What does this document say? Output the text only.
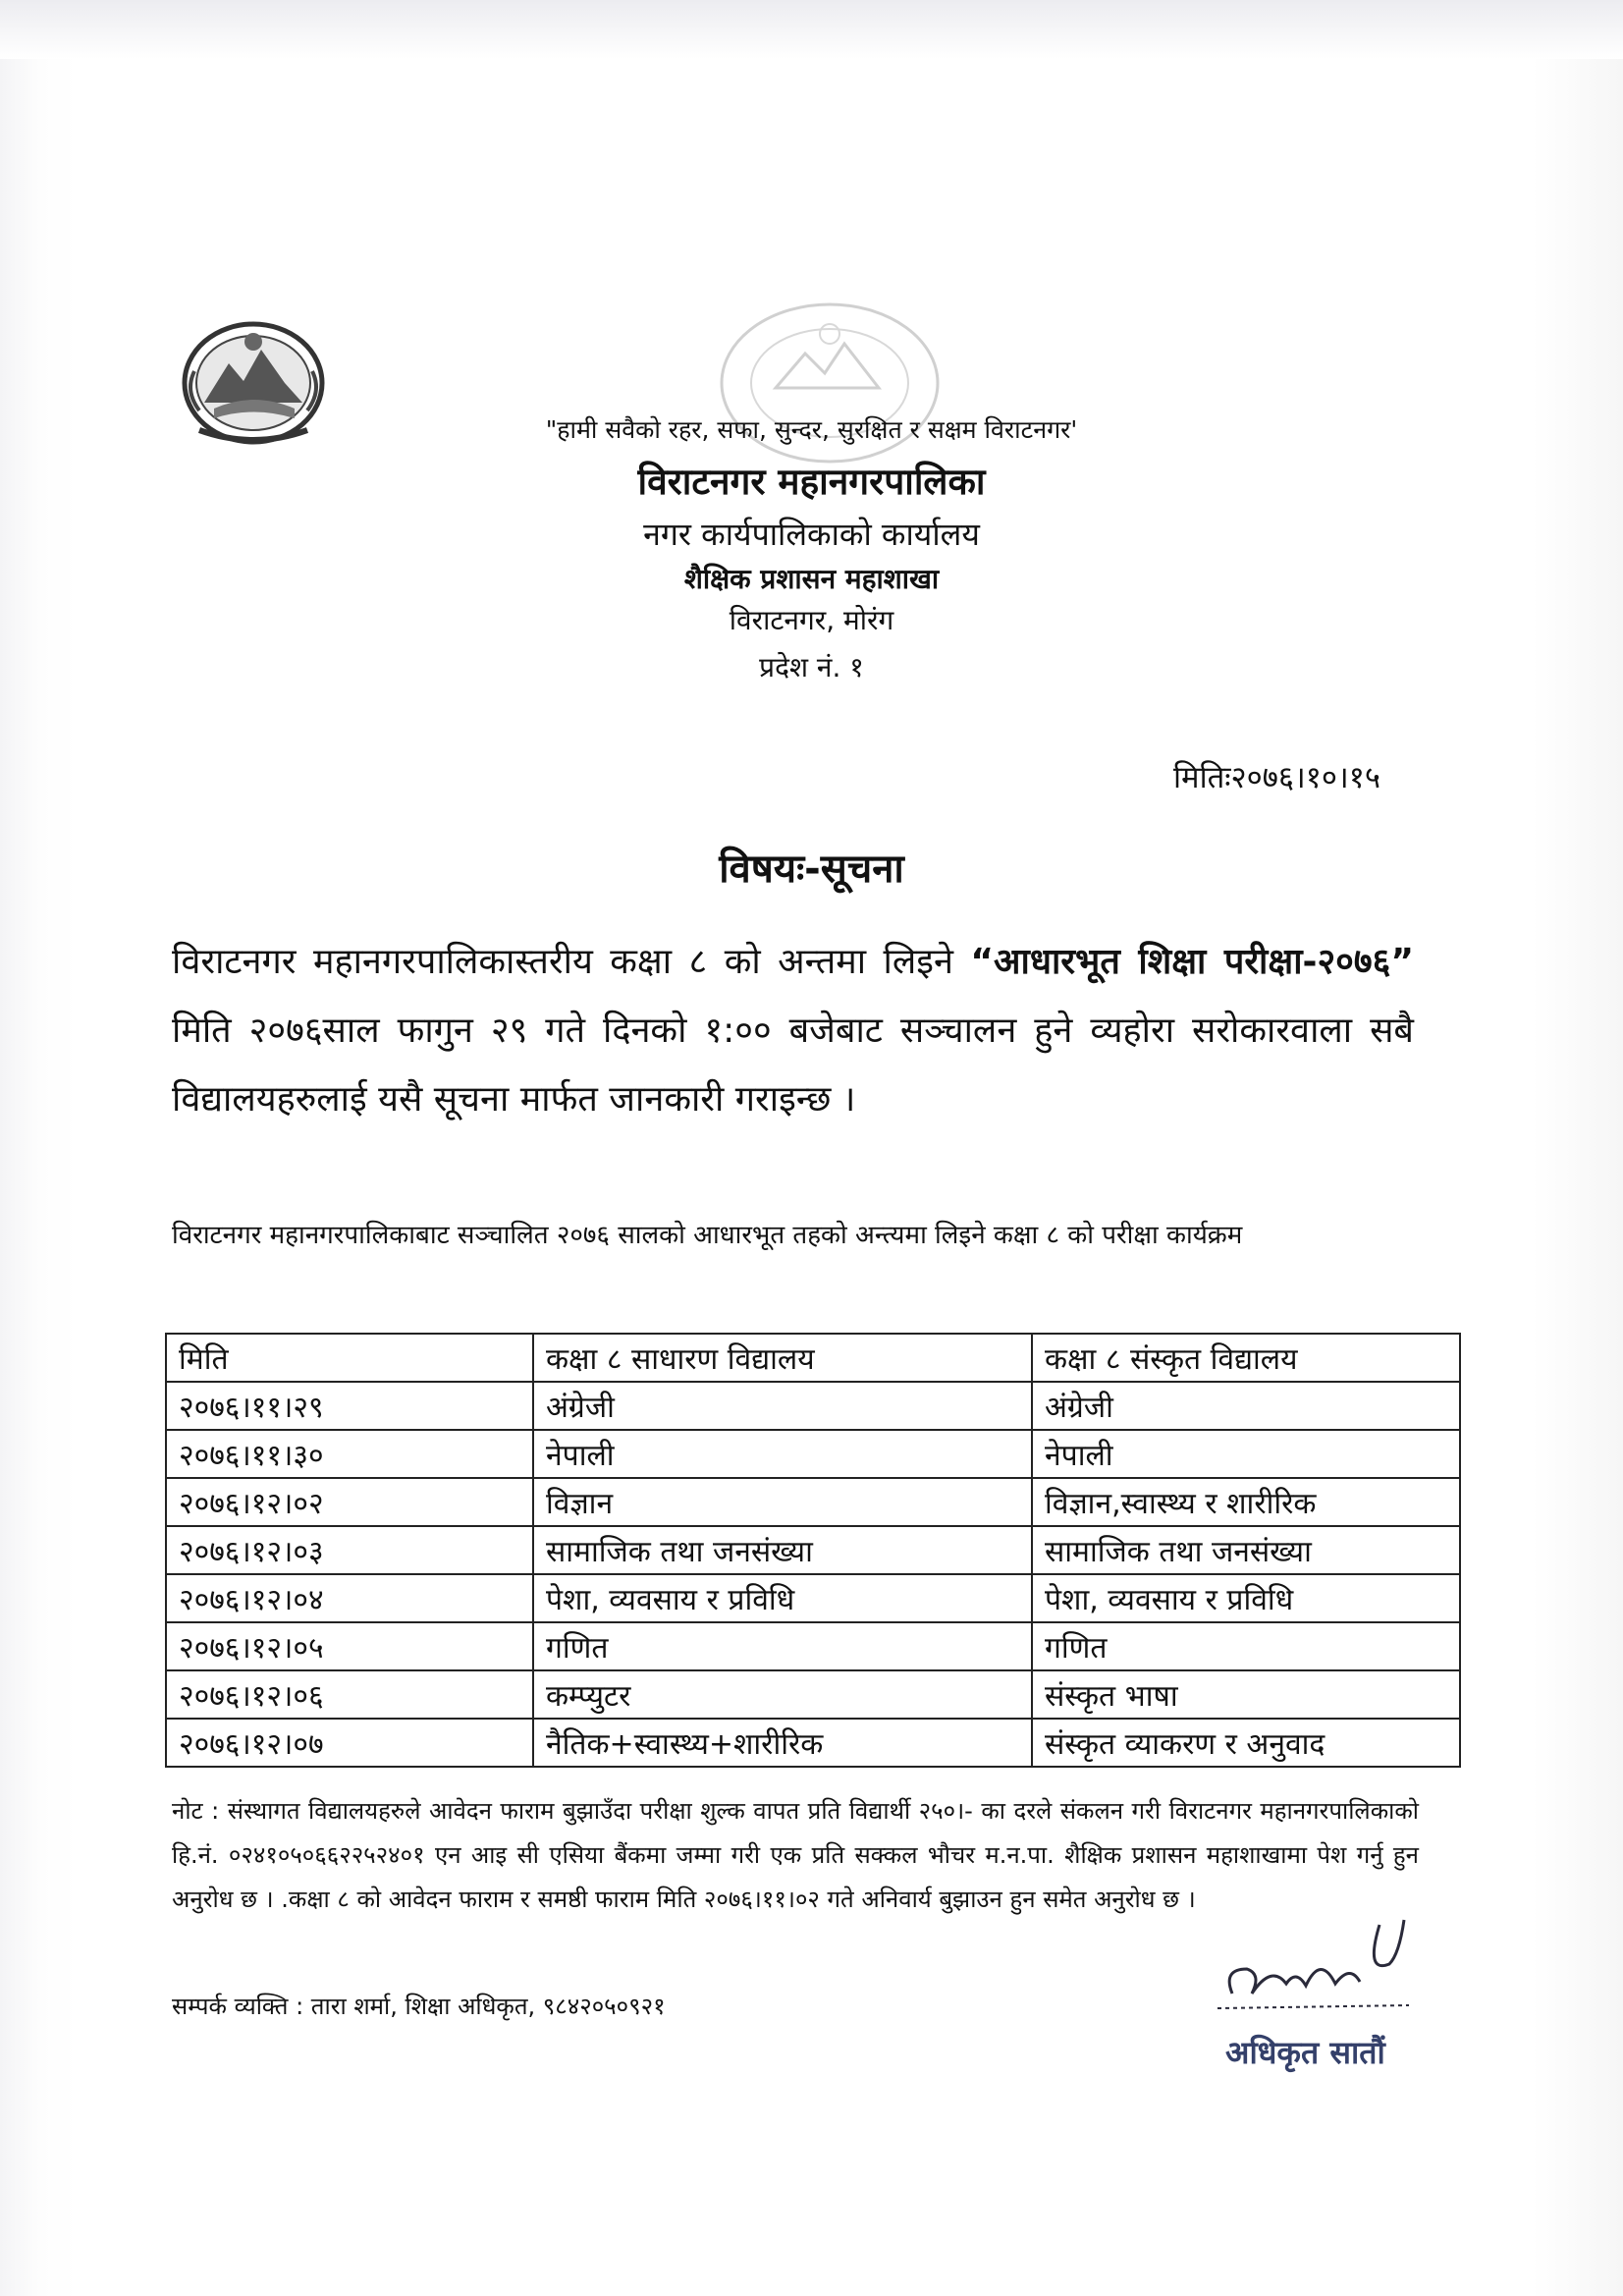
"हामी सवैको रहर, सफा, सुन्दर, सुरक्षित र सक्षम विराटनगर'
विराटनगर महानगरपालिका
नगर कार्यपालिकाको कार्यालय
शैक्षिक प्रशासन महाशाखा
विराटनगर, मोरंग
प्रदेश नं. १
मितिः२०७६।१०।१५
विषयः-सूचना
विराटनगर महानगरपालिकास्तरीय कक्षा ८ को अन्तमा लिइने “आधारभूत शिक्षा परीक्षा-२०७६” मिति २०७६साल फागुन २९ गते दिनको १:०० बजेबाट सञ्चालन हुने व्यहोरा सरोकारवाला सबै विद्यालयहरुलाई यसै सूचना मार्फत जानकारी गराइन्छ ।
विराटनगर महानगरपालिकाबाट सञ्चालित २०७६ सालको आधारभूत तहको अन्त्यमा लिइने कक्षा ८ को परीक्षा कार्यक्रम
मिति	कक्षा ८ साधारण विद्यालय	कक्षा ८ संस्कृत विद्यालय
२०७६।११।२९	अंग्रेजी	अंग्रेजी
२०७६।११।३०	नेपाली	नेपाली
२०७६।१२।०२	विज्ञान	विज्ञान,स्वास्थ्य र शारीरिक
२०७६।१२।०३	सामाजिक तथा जनसंख्या	सामाजिक तथा जनसंख्या
२०७६।१२।०४	पेशा, व्यवसाय र प्रविधि	पेशा, व्यवसाय र प्रविधि
२०७६।१२।०५	गणित	गणित
२०७६।१२।०६	कम्प्युटर	संस्कृत भाषा
२०७६।१२।०७	नैतिक+स्वास्थ्य+शारीरिक	संस्कृत व्याकरण र अनुवाद
नोट : संस्थागत विद्यालयहरुले आवेदन फाराम बुझाउँदा परीक्षा शुल्क वापत प्रति विद्यार्थी २५०।- का दरले संकलन गरी विराटनगर महानगरपालिकाको हि.नं. ०२४१०५०६६२२५२४०१ एन आइ सी एसिया बैंकमा जम्मा गरी एक प्रति सक्कल भौचर म.न.पा. शैक्षिक प्रशासन महाशाखामा पेश गर्नु हुन अनुरोध छ । .कक्षा ८ को आवेदन फाराम र समष्ठी फाराम मिति २०७६।११।०२ गते अनिवार्य बुझाउन हुन समेत अनुरोध छ ।
सम्पर्क व्यक्ति : तारा शर्मा, शिक्षा अधिकृत, ९८४२०५०९२१
अधिकृत सातौं
